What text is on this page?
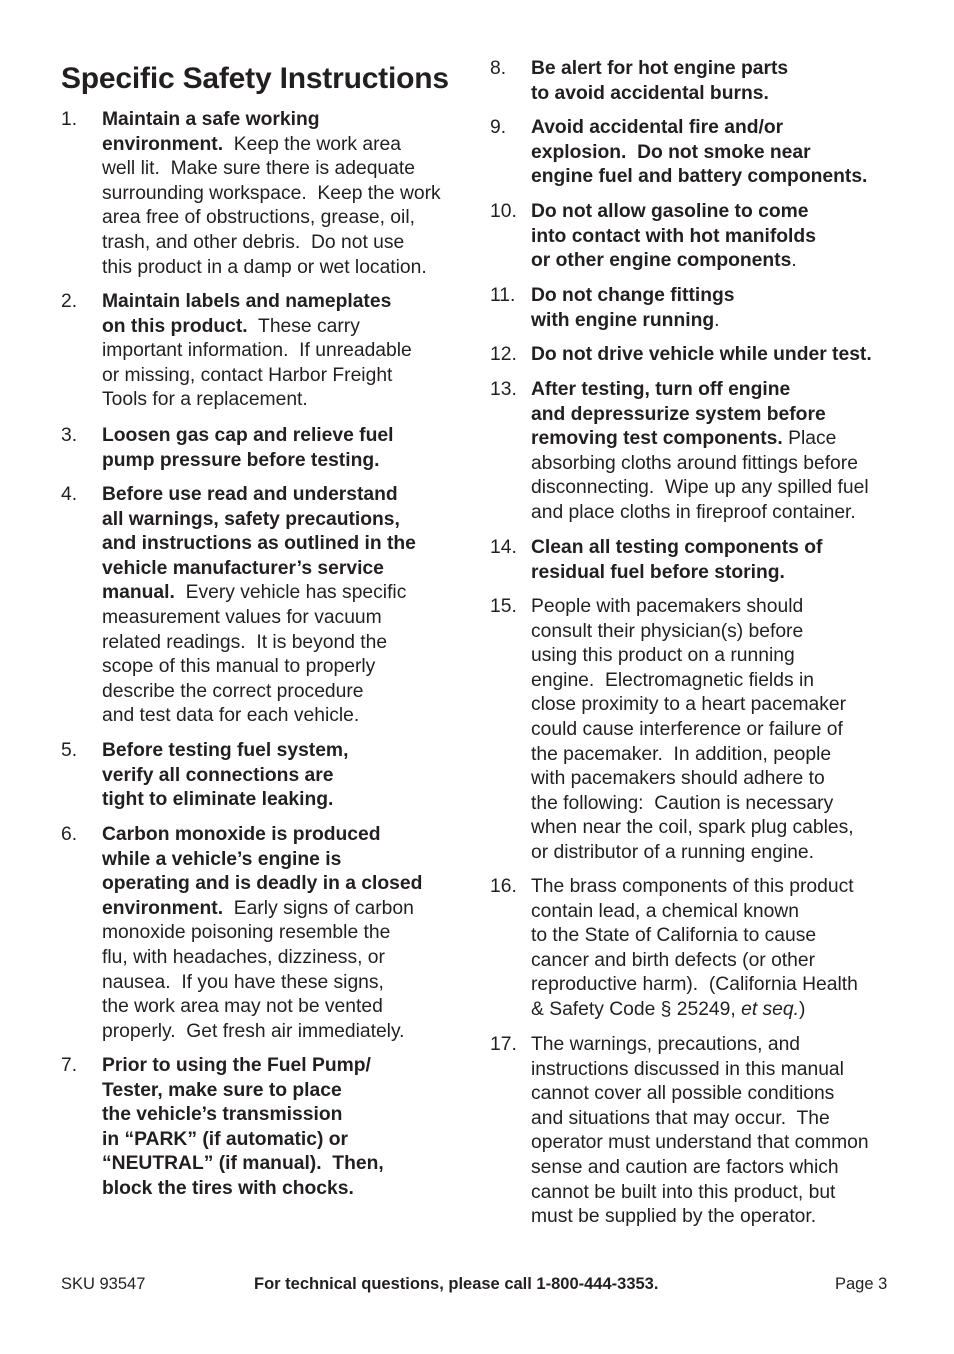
Specific Safety Instructions
1. Maintain a safe working
environment.  Keep the work area
well lit.  Make sure there is adequate
surrounding workspace.  Keep the work
area free of obstructions, grease, oil,
trash, and other debris.  Do not use
this product in a damp or wet location.
2. Maintain labels and nameplates
on this product.  These carry
important information.  If unreadable
or missing, contact Harbor Freight
Tools for a replacement.
3. Loosen gas cap and relieve fuel
pump pressure before testing.
4. Before use read and understand
all warnings, safety precautions,
and instructions as outlined in the
vehicle manufacturer’s service
manual.  Every vehicle has specific
measurement values for vacuum
related readings.  It is beyond the
scope of this manual to properly
describe the correct procedure
and test data for each vehicle.
5. Before testing fuel system,
verify all connections are
tight to eliminate leaking.
6. Carbon monoxide is produced
while a vehicle’s engine is
operating and is deadly in a closed
environment.  Early signs of carbon
monoxide poisoning resemble the
flu, with headaches, dizziness, or
nausea.  If you have these signs,
the work area may not be vented
properly.  Get fresh air immediately.
7. Prior to using the Fuel Pump/
Tester, make sure to place
the vehicle’s transmission
in “PARK” (if automatic) or
“NEUTRAL” (if manual).  Then,
block the tires with chocks.
8. Be alert for hot engine parts
to avoid accidental burns.
9. Avoid accidental fire and/or
explosion.  Do not smoke near
engine fuel and battery components.
10. Do not allow gasoline to come
into contact with hot manifolds
or other engine components.
11. Do not change fittings
with engine running.
12. Do not drive vehicle while under test.
13. After testing, turn off engine
and depressurize system before
removing test components. Place
absorbing cloths around fittings before
disconnecting.  Wipe up any spilled fuel
and place cloths in fireproof container.
14. Clean all testing components of
residual fuel before storing.
15. People with pacemakers should
consult their physician(s) before
using this product on a running
engine.  Electromagnetic fields in
close proximity to a heart pacemaker
could cause interference or failure of
the pacemaker.  In addition, people
with pacemakers should adhere to
the following:  Caution is necessary
when near the coil, spark plug cables,
or distributor of a running engine.
16. The brass components of this product
contain lead, a chemical known
to the State of California to cause
cancer and birth defects (or other
reproductive harm).  (California Health
& Safety Code § 25249, et seq.)
17. The warnings, precautions, and
instructions discussed in this manual
cannot cover all possible conditions
and situations that may occur.  The
operator must understand that common
sense and caution are factors which
cannot be built into this product, but
must be supplied by the operator.
SKU 93547	For technical questions, please call 1-800-444-3353.	Page 3
